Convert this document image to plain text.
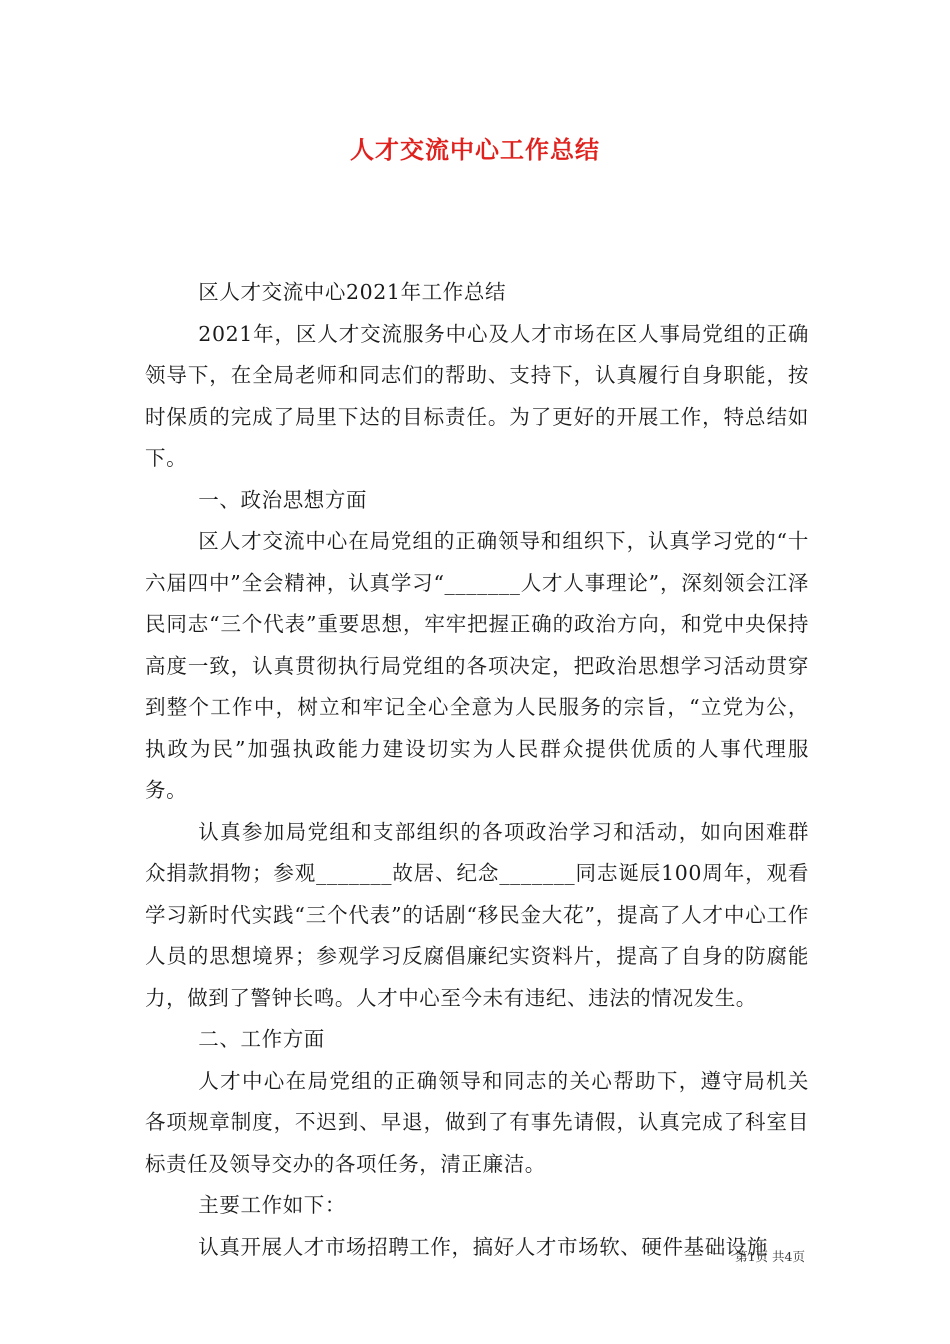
人才交流中心工作总结

区人才交流中心2021年工作总结

2021年，区人才交流服务中心及人才市场在区人事局党组的正确领导下，在全局老师和同志们的帮助、支持下，认真履行自身职能，按时保质的完成了局里下达的目标责任。为了更好的开展工作，特总结如下。

一、政治思想方面

区人才交流中心在局党组的正确领导和组织下，认真学习党的“十六届四中”全会精神，认真学习“_______人才人事理论”，深刻领会江泽民同志“三个代表”重要思想，牢牢把握正确的政治方向，和党中央保持高度一致，认真贯彻执行局党组的各项决定，把政治思想学习活动贯穿到整个工作中，树立和牢记全心全意为人民服务的宗旨，“立党为公，执政为民”加强执政能力建设切实为人民群众提供优质的人事代理服务。

认真参加局党组和支部组织的各项政治学习和活动，如向困难群众捐款捐物；参观_______故居、纪念_______同志诞辰100周年，观看学习新时代实践“三个代表”的话剧“移民金大花”，提高了人才中心工作人员的思想境界；参观学习反腐倡廉纪实资料片，提高了自身的防腐能力，做到了警钟长鸣。人才中心至今未有违纪、违法的情况发生。

二、工作方面

人才中心在局党组的正确领导和同志的关心帮助下，遵守局机关各项规章制度，不迟到、早退，做到了有事先请假，认真完成了科室目标责任及领导交办的各项任务，清正廉洁。

主要工作如下：

认真开展人才市场招聘工作，搞好人才市场软、硬件基础设施

第1页 共4页
